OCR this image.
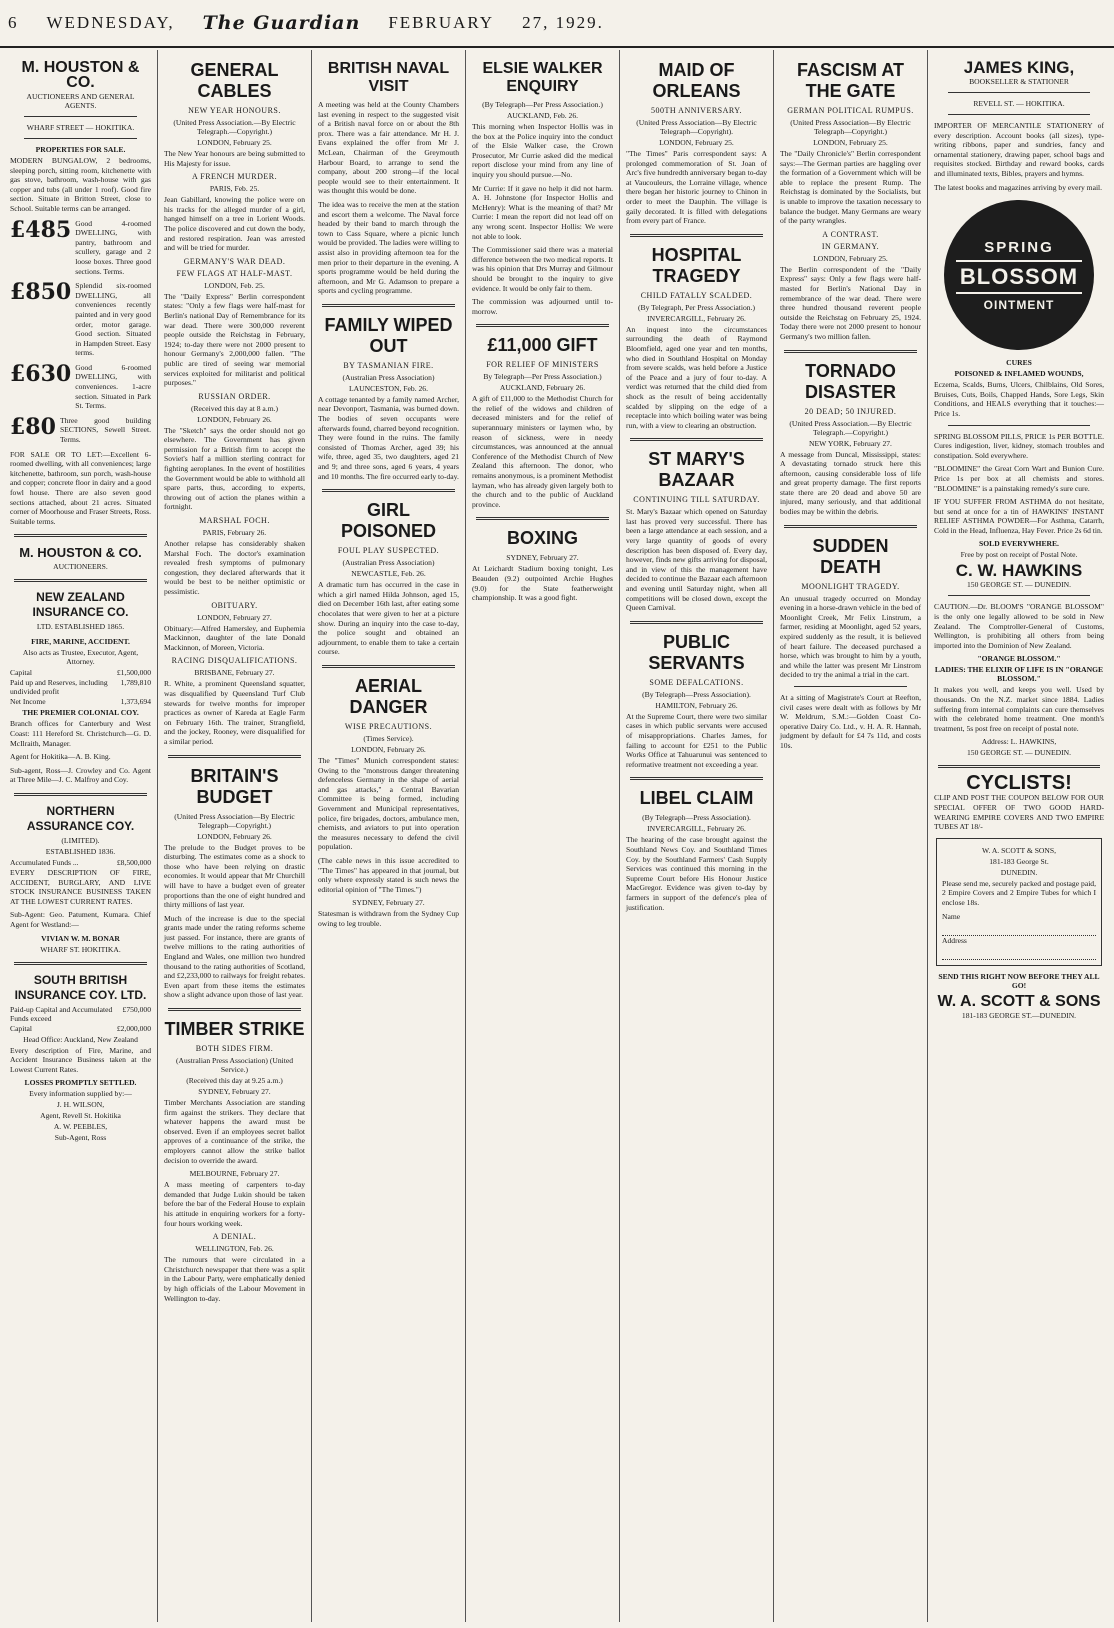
6 WEDNESDAY, The Guardian FEBRUARY 27, 1929.
M. HOUSTON & CO.
AUCTIONEERS AND GENERAL AGENTS.
WHARF STREET — HOKITIKA.
PROPERTIES FOR SALE.

MODERN BUNGALOW, 2 bedrooms, sleeping porch, sitting room, kitchenette with gas stove, bathroom, wash-house with gas copper and tubs (all under 1 roof). Good fire section. Situate in Britton Street, close to School. Suitable terms can be arranged.

£485 Good 4-roomed DWELLING, with pantry, bathroom and scullery, garage and 2 loose boxes. Three good sections. Terms.

£850 Splendid six-roomed DWELLING, all conveniences recently painted and in very good order, motor garage. Good section. Situated in Hampden Street. Easy terms.

£630 Good 6-roomed DWELLING, with conveniences. 1-acre section. Situated in Park St. Terms.

£80 Three good building SECTIONS, Sewell Street. Terms.

FOR SALE OR TO LET:—Excellent 6-roomed dwelling, with all conveniences; large kitchenette, bathroom, sun porch, wash-house and copper; concrete floor in dairy and a good fowl house. There are also seven good sections attached, about 21 acres. Situated corner of Moorhouse and Fraser Streets, Ross. Suitable terms.

M. HOUSTON & CO.
AUCTIONEERS.
NEW ZEALAND INSURANCE CO.
LTD. ESTABLISHED 1865.
FIRE, MARINE, ACCIDENT.
Also acts as Trustee, Executor, Agent, Attorney.
Capital	£1,500,000
Paid up and Reserves, including undivided profit
1,789,810
Net Income	1,373,694
THE PREMIER COLONIAL COY.

Branch offices for Canterbury and West Coast: 111 Hereford St. Christchurch—G. D. McIlraith, Manager.

Agent for Hokitika—A. B. King.

Sub-agent, Ross—J. Crowley and Co. Agent at Three Mile—J. C. Malfroy and Coy.

NORTHERN ASSURANCE COY.
(LIMITED).
ESTABLISHED 1836.
Accumulated Funds ...	£8,500,000

EVERY DESCRIPTION OF FIRE, ACCIDENT, BURGLARY, AND LIVE STOCK INSURANCE BUSINESS TAKEN AT THE LOWEST CURRENT RATES.

Sub-Agent: Geo. Patument, Kumara. Chief Agent for Westland:—

VIVIAN W. M. BONAR
WHARF ST. HOKITIKA.
SOUTH BRITISH INSURANCE COY. LTD.
Paid-up Capital and Accumulated Funds exceed
£750,000
Capital	£2,000,000
Head Office: Auckland, New Zealand

Every description of Fire, Marine, and Accident Insurance Business taken at the Lowest Current Rates.

LOSSES PROMPTLY SETTLED.
Every information supplied by:—
J. H. WILSON,
Agent, Revell St. Hokitika
A. W. PEEBLES,
Sub-Agent, Ross
GENERAL CABLES
NEW YEAR HONOURS.
(United Press Association.—By Electric Telegraph.—Copyright.)
LONDON, February 25.

The New Year honours are being submitted to His Majesty for issue.

A FRENCH MURDER.
PARIS, Feb. 25.

Jean Gabillard, knowing the police were on his tracks for the alleged murder of a girl, hanged himself on a tree in Lorient Woods. The police discovered and cut down the body, and restored respiration. Jean was arrested and will be tried for murder.

GERMANY'S WAR DEAD.
FEW FLAGS AT HALF-MAST.
LONDON, Feb. 25.

The "Daily Express" Berlin correspondent states: "Only a few flags were half-mast for Berlin's national Day of Remembrance for its war dead. There were 300,000 reverent people outside the Reichstag in February, 1924; to-day there were not 2000 present to honour Germany's 2,000,000 fallen. "The public are tired of seeing war memorial services exploited for militarist and political purposes."

RUSSIAN ORDER.
(Received this day at 8 a.m.)
LONDON, February 26.

The "Sketch" says the order should not go elsewhere. The Government has given permission for a British firm to accept the Soviet's half a million sterling contract for fighting aeroplanes. In the event of hostilities the Government would be able to withhold all spare parts, thus, according to experts, throwing out of action the planes within a fortnight.

MARSHAL FOCH.
PARIS, February 26.

Another relapse has considerably shaken Marshal Foch. The doctor's examination revealed fresh symptoms of pulmonary congestion, they declared afterwards that it would be best to be neither optimistic or pessimistic.

OBITUARY.
LONDON, February 27.

Obituary:—Alfred Hamersley, and Euphemia Mackinnon, daughter of the late Donald Mackinnon, of Moreen, Victoria.

RACING DISQUALIFICATIONS.
BRISBANE, February 27.

R. White, a prominent Queensland squatter, was disqualified by Queensland Turf Club stewards for twelve months for improper practices as owner of Kareda at Eagle Farm on February 16th. The trainer, Strangfield, and the jockey, Rooney, were disqualified for a similar period.

BRITAIN'S BUDGET
(United Press Association—By Electric Telegraph—Copyright.)
LONDON, February 26.

The prelude to the Budget proves to be disturbing. The estimates come as a shock to those who have been relying on drastic economies. It would appear that Mr Churchill will have to have a budget even of greater proportions than the one of eight hundred and thirty millions of last year.

Much of the increase is due to the special grants made under the rating reforms scheme just passed. For instance, there are grants of twelve millions to the rating authorities of England and Wales, one million two hundred thousand to the rating authorities of Scotland, and £2,233,000 to railways for freight rebates. Even apart from these items the estimates show a slight advance upon those of last year.

TIMBER STRIKE
BOTH SIDES FIRM.
(Australian Press Association) (United Service.)
(Received this day at 9.25 a.m.)
SYDNEY, February 27.

Timber Merchants Association are standing firm against the strikers. They declare that whatever happens the award must be observed. Even if an employees secret ballot approves of a continuance of the strike, the employers cannot allow the strike ballot decision to override the award.

MELBOURNE, February 27.

A mass meeting of carpenters to-day demanded that Judge Lukin should be taken before the bar of the Federal House to explain his attitude in enquiring workers for a forty-four hours working week.

A DENIAL.
WELLINGTON, Feb. 26.

The rumours that were circulated in a Christchurch newspaper that there was a split in the Labour Party, were emphatically denied by high officials of the Labour Movement in Wellington to-day.

BRITISH NAVAL VISIT

A meeting was held at the County Chambers last evening in respect to the suggested visit of a British naval force on or about the 8th prox. There was a fair attendance. Mr H. J. Evans explained the offer from Mr J. McLean, Chairman of the Greymouth Harbour Board, to arrange to send the company, about 200 strong—if the local people would see to their entertainment. It was thought this would be done.

The idea was to receive the men at the station and escort them a welcome. The Naval force headed by their band to march through the town to Cass Square, where a picnic lunch would be provided. The ladies were willing to assist also in providing afternoon tea for the men prior to their departure in the evening. A sports programme would be held during the afternoon, and Mr G. Adamson to prepare a sports and cycling programme.

FAMILY WIPED OUT
BY TASMANIAN FIRE.
(Australian Press Association)
LAUNCESTON, Feb. 26.

A cottage tenanted by a family named Archer, near Devonport, Tasmania, was burned down. The bodies of seven occupants were afterwards found, charred beyond recognition. They were found in the ruins. The family consisted of Thomas Archer, aged 39; his wife, three, aged 35, two daughters, aged 21 and 9; and three sons, aged 6 years, 4 years and 10 months. The fire occurred early to-day.

GIRL POISONED
FOUL PLAY SUSPECTED.
(Australian Press Association)
NEWCASTLE, Feb. 26.

A dramatic turn has occurred in the case in which a girl named Hilda Johnson, aged 15, died on December 16th last, after eating some chocolates that were given to her at a picture show. During an inquiry into the case to-day, the police sought and obtained an adjournment, to enable them to take a certain course.

AERIAL DANGER
WISE PRECAUTIONS.
(Times Service).
LONDON, February 26.

The "Times" Munich correspondent states: Owing to the "monstrous danger threatening defenceless Germany in the shape of aerial and gas attacks," a Central Bavarian Committee is being formed, including Government and Municipal representatives, police, fire brigades, doctors, ambulance men, chemists, and aviators to put into operation the measures necessary to defend the civil population.

(The cable news in this issue accredited to "The Times" has appeared in that journal, but only where expressly stated is such news the editorial opinion of "The Times.")

SYDNEY, February 27.

Statesman is withdrawn from the Sydney Cup owing to leg trouble.

ELSIE WALKER ENQUIRY
(By Telegraph—Per Press Association.)
AUCKLAND, Feb. 26.

This morning when Inspector Hollis was in the box at the Police inquiry into the conduct of the Elsie Walker case, the Crown Prosecutor, Mr Currie asked did the medical report disclose your mind from any line of inquiry you should pursue.—No.

Mr Currie: If it gave no help it did not harm. A. H. Johnstone (for Inspector Hollis and McHenry): What is the meaning of that? Mr Currie: I mean the report did not lead off on any wrong scent. Inspector Hollis: We were not able to look.

The Commissioner said there was a material difference between the two medical reports. It was his opinion that Drs Murray and Gilmour should be brought to the inquiry to give evidence. It would be only fair to them.

The commission was adjourned until to-morrow.

£11,000 GIFT
FOR RELIEF OF MINISTERS
By Telegraph—Per Press Association.)
AUCKLAND, February 26.

A gift of £11,000 to the Methodist Church for the relief of the widows and children of deceased ministers and for the relief of superannuary ministers or laymen who, by reason of sickness, were in needy circumstances, was announced at the annual Conference of the Methodist Church of New Zealand this afternoon. The donor, who remains anonymous, is a prominent Methodist layman, who has already given largely both to the church and to the public of Auckland province.

BOXING
SYDNEY, February 27.

At Leichardt Stadium boxing tonight, Les Beauden (9.2) outpointed Archie Hughes (9.0) for the State featherweight championship. It was a good fight.

MAID OF ORLEANS
500TH ANNIVERSARY.
(United Press Association—By Electric Telegraph—Copyright).
LONDON, February 25.

"The Times" Paris correspondent says: A prolonged commemoration of St. Joan of Arc's five hundredth anniversary began to-day at Vaucouleurs, the Lorraine village, whence there began her historic journey to Chinon in order to meet the Dauphin. The village is gaily decorated. It is filled with delegations from every part of France.

HOSPITAL TRAGEDY
CHILD FATALLY SCALDED.
(By Telegraph, Per Press Association.)
INVERCARGILL, February 26.

An inquest into the circumstances surrounding the death of Raymond Bloomfield, aged one year and ten months, who died in Southland Hospital on Monday from severe scalds, was held before a Justice of the Peace and a jury of four to-day. A verdict was returned that the child died from shock as the result of being accidentally scalded by slipping on the edge of a receptacle into which boiling water was being run, with a view to clearing an obstruction.

ST MARY'S BAZAAR
CONTINUING TILL SATURDAY.

St. Mary's Bazaar which opened on Saturday last has proved very successful. There has been a large attendance at each session, and a very large quantity of goods of every description has been disposed of. Every day, however, finds new gifts arriving for disposal, and in view of this the management have decided to continue the Bazaar each afternoon and evening until Saturday night, when all competitions will be closed down, except the Queen Carnival.

PUBLIC SERVANTS
SOME DEFALCATIONS.
(By Telegraph—Press Association).
HAMILTON, February 26.

At the Supreme Court, there were two similar cases in which public servants were accused of misappropriations. Charles James, for failing to account for £251 to the Public Works Office at Tahuarunui was sentenced to reformative treatment not exceeding a year.

LIBEL CLAIM
(By Telegraph—Press Association).
INVERCARGILL, February 26.

The hearing of the case brought against the Southland News Coy. and Southland Times Coy. by the Southland Farmers' Cash Supply Services was continued this morning in the Supreme Court before His Honour Justice MacGregor. Evidence was given to-day by farmers in support of the defence's plea of justification.

FASCISM AT THE GATE
GERMAN POLITICAL RUMPUS.
(United Press Association—By Electric Telegraph—Copyright.)
LONDON, February 25.

The "Daily Chronicle's" Berlin correspondent says:—The German parties are haggling over the formation of a Government which will be able to replace the present Rump. The Reichstag is dominated by the Socialists, but is unable to improve the taxation necessary to balance the budget. Many Germans are weary of the party wrangles.

A CONTRAST.
IN GERMANY.
LONDON, February 25.

The Berlin correspondent of the "Daily Express" says: Only a few flags were half-masted for Berlin's National Day in remembrance of the war dead. There were three hundred thousand reverent people outside the Reichstag on February 25, 1924. Today there were not 2000 present to honour Germany's two million fallen.

TORNADO DISASTER
20 DEAD; 50 INJURED.
(United Press Association.—By Electric Telegraph.—Copyright.)
NEW YORK, February 27.

A message from Duncal, Mississippi, states: A devastating tornado struck here this afternoon, causing considerable loss of life and great property damage. The first reports state there are 20 dead and above 50 are injured, many seriously, and that additional bodies may be within the debris.

SUDDEN DEATH
MOONLIGHT TRAGEDY.

An unusual tragedy occurred on Monday evening in a horse-drawn vehicle in the bed of Moonlight Creek, Mr Felix Linstrum, a farmer, residing at Moonlight, aged 52 years, expired suddenly as the result, it is believed of heart failure. The deceased purchased a horse, which was brought to him by a youth, and while the latter was present Mr Linstrom decided to try the animal a trial in the cart.

At a sitting of Magistrate's Court at Reefton, civil cases were dealt with as follows by Mr W. Meldrum, S.M.:—Golden Coast Co-operative Dairy Co. Ltd., v. H. A. R. Hannah, judgment by default for £4 7s 11d, and costs 10s.

JAMES KING,
BOOKSELLER & STATIONER
REVELL ST. — HOKITIKA.

IMPORTER OF MERCANTILE STATIONERY of every description. Account books (all sizes), type-writing ribbons, paper and sundries, fancy and ornamental stationery, drawing paper, school bags and requisites stocked. Birthday and reward books, cards and illuminated texts, Bibles, prayers and hymns.

The latest books and magazines arriving by every mail.

SPRING
BLOSSOM
OINTMENT
CURES
POISONED & INFLAMED WOUNDS,

Eczema, Scalds, Burns, Ulcers, Chilblains, Old Sores, Bruises, Cuts, Boils, Chapped Hands, Sore Legs, Skin Conditions, and HEALS everything that it touches:—Price 1s.

SPRING BLOSSOM PILLS, PRICE 1s PER BOTTLE. Cures indigestion, liver, kidney, stomach troubles and constipation. Sold everywhere.

"BLOOMINE" the Great Corn Wart and Bunion Cure. Price 1s per box at all chemists and stores. "BLOOMINE" is a painstaking remedy's sure cure.

IF YOU SUFFER FROM ASTHMA do not hesitate, but send at once for a tin of HAWKINS' INSTANT RELIEF ASTHMA POWDER—For Asthma, Catarrh, Cold in the Head, Influenza, Hay Fever. Price 2s 6d tin.

SOLD EVERYWHERE.
Free by post on receipt of Postal Note.
C. W. HAWKINS
150 GEORGE ST. — DUNEDIN.

CAUTION.—Dr. BLOOM'S "ORANGE BLOSSOM" is the only one legally allowed to be sold in New Zealand. The Comptroller-General of Customs, Wellington, is prohibiting all others from being imported into the Dominion of New Zealand.

"ORANGE BLOSSOM."
LADIES: THE ELIXIR OF LIFE IS IN "ORANGE BLOSSOM."

It makes you well, and keeps you well. Used by thousands. On the N.Z. market since 1884. Ladies suffering from internal complaints can cure themselves with the celebrated home treatment. One month's treatment, 5s post free on receipt of postal note.

Address: L. HAWKINS,
150 GEORGE ST. — DUNEDIN.
CYCLISTS!

CLIP AND POST THE COUPON BELOW FOR OUR SPECIAL OFFER OF TWO GOOD HARD-WEARING EMPIRE COVERS AND TWO EMPIRE TUBES AT 18/-

W. A. SCOTT & SONS,
181-183 George St.
DUNEDIN.

Please send me, securely packed and postage paid, 2 Empire Covers and 2 Empire Tubes for which I enclose 18s.

Name
Address
SEND THIS RIGHT NOW BEFORE THEY ALL GO!
W. A. SCOTT & SONS
181-183 GEORGE ST.—DUNEDIN.
